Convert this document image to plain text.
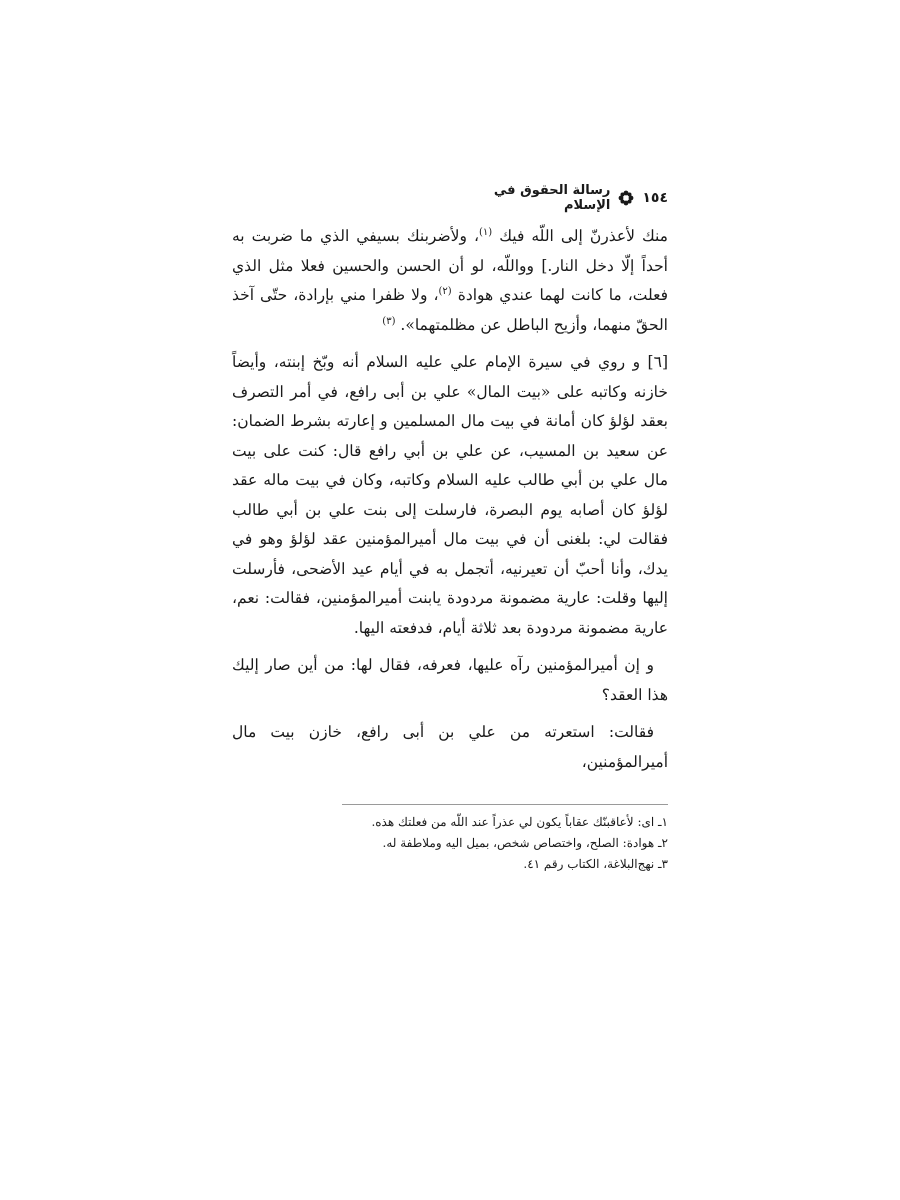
١٥٤
رسالة الحقوق في الإسلام

منك لأعذرنّ إلى اللّه فيك $^{(١)}$، ولأضربنك بسيفي الذي ما ضربت به أحداً إلّا دخل النار.] وواللّه، لو أن الحسن والحسين فعلا مثل الذي فعلت، ما كانت لهما عندي هوادة $^{(٢)}$، ولا ظفرا مني بإرادة، حتّى آخذ الحقّ منهما، وأزيح الباطل عن مظلمتهما». $^{(٣)}$

[٦] و روي في سيرة الإمام علي عليه السلام أنه وبّخ إبنته، وأيضاً خازنه وكاتبه على «بيت المال» علي بن أبى رافع، في أمر التصرف بعقد لؤلؤ كان أمانة في بيت مال المسلمين و إعارته بشرط الضمان: عن سعيد بن المسيب، عن علي بن أبي رافع قال: كنت على بيت مال علي بن أبي طالب عليه السلام وكاتبه، وكان في بيت ماله عقد لؤلؤ كان أصابه يوم البصرة، فارسلت إلى بنت علي بن أبي طالب فقالت لي: بلغنى أن في بيت مال أميرالمؤمنين عقد لؤلؤ وهو في يدك، وأنا أحبّ أن تعيرنيه، أتجمل به في أيام عيد الأضحى، فأرسلت إليها وقلت: عارية مضمونة مردودة يابنت أميرالمؤمنين، فقالت: نعم، عارية مضمونة مردودة بعد ثلاثة أيام، فدفعته اليها.

و إن أميرالمؤمنين رآه عليها، فعرفه، فقال لها: من أين صار إليك هذا العقد؟

فقالت: استعرته من علي بن أبى رافع، خازن بيت مال أميرالمؤمنين،

١ـ اى: لأعاقبنّك عقاباً يكون لي عذراً عند اللّه من فعلتك هذه.
٢ـ هوادة: الصلح، واختصاص شخص، بميل اليه وملاطفة له.
٣ـ نهج‌البلاغة، الكتاب رقم ٤١.
